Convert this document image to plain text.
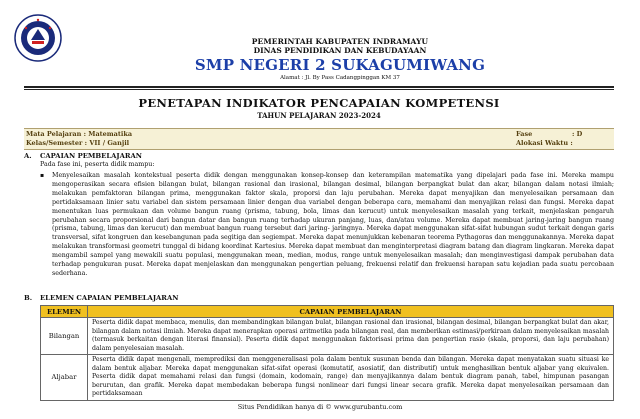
PEMERINTAH KABUPATEN INDRAMAYU
DINAS PENDIDIKAN DAN KEBUDAYAAN
SMP NEGERI 2 SUKAGUMIWANG
Alamat : Jl. By Pass Cadangpinggan KM 37
PENETAPAN INDIKATOR PENCAPAIAN KOMPETENSI
TAHUN PELAJARAN 2023-2024
Mata Pelajaran : Matematika
Kelas/Semester : VII / Ganjil
Fase	: D
Alokasi Waktu :
A. CAPAIAN PEMBELAJARAN
Pada fase ini, peserta didik mampu:
▪ Menyelesaikan masalah kontekstual peserta didik dengan menggunakan konsep-konsep dan keterampilan matematika yang dipelajari pada fase ini. Mereka mampu mengoperasikan secara efisien bilangan bulat, bilangan rasional dan irasional, bilangan desimal, bilangan berpangkat bulat dan akar, bilangan dalam notasi ilmiah; melakukan pemfaktoran bilangan prima, menggunakan faktor skala, proporsi dan laju perubahan. Mereka dapat menyajikan dan menyelesaikan persamaan dan pertidaksamaan linier satu variabel dan sistem persamaan linier dengan dua variabel dengan beberapa cara, memahami dan menyajikan relasi dan fungsi. Mereka dapat menentukan luas permukaan dan volume bangun ruang (prisma, tabung, bola, limas dan kerucut) untuk menyelesaikan masalah yang terkait, menjelaskan pengaruh perubahan secara proporsional dari bangun datar dan bangun ruang terhadap ukuran panjang, luas, dan/atau volume. Mereka dapat membuat jaring-jaring bangun ruang (prisma, tabung, limas dan kerucut) dan membuat bangun ruang tersebut dari jaring- jaringnya. Mereka dapat menggunakan sifat-sifat hubungan sudut terkait dengan garis transversal, sifat kongruen dan kesebangunan pada segitiga dan segiempat. Mereka dapat menunjukkan kebenaran teorema Pythagoras dan menggunakannya. Mereka dapat melakukan transformasi geometri tunggal di bidang koordinat Kartesius. Mereka dapat membuat dan menginterpretasi diagram batang dan diagram lingkaran. Mereka dapat mengambil sampel yang mewakili suatu populasi, menggunakan mean, median, modus, range untuk menyelesaikan masalah; dan menginvestigasi dampak perubahan data terhadap pengukuran pusat. Mereka dapat menjelaskan dan menggunakan pengertian peluang, frekuensi relatif dan frekuensi harapan satu kejadian pada suatu percobaan sederhana.
B. ELEMEN CAPAIAN PEMBELAJARAN
ELEMEN	CAPAIAN PEMBELAJARAN
Bilangan	Peserta didik dapat membaca, menulis, dan membandingkan bilangan bulat, bilangan rasional dan irasional, bilangan desimal, bilangan berpangkat bulat dan akar, bilangan dalam notasi ilmiah. Mereka dapat menerapkan operasi aritmetika pada bilangan real, dan memberikan estimasi/perkiraan dalam menyelesaikan masalah (termasuk berkaitan dengan literasi finansial). Peserta didik dapat menggunakan faktorisasi prima dan pengertian rasio (skala, proporsi, dan laju perubahan) dalam penyelesaian masalah.
Aljabar	Peserta didik dapat mengenali, memprediksi dan menggeneralisasi pola dalam bentuk susunan benda dan bilangan. Mereka dapat menyatakan suatu situasi ke dalam bentuk aljabar. Mereka dapat menggunakan sifat-sifat operasi (komutatif, asosiatif, dan distributif) untuk menghasilkan bentuk aljabar yang ekuivalen. Peserta didik dapat memahami relasi dan fungsi (domain, kodomain, range) dan menyajikannya dalam bentuk diagram panah, tabel, himpunan pasangan berurutan, dan grafik. Mereka dapat membedakan beberapa fungsi nonlinear dari fungsi linear secara grafik. Mereka dapat menyelesaikan persamaan dan pertidaksamaan
Situs Pendidikan hanya di © www.gurubantu.com
